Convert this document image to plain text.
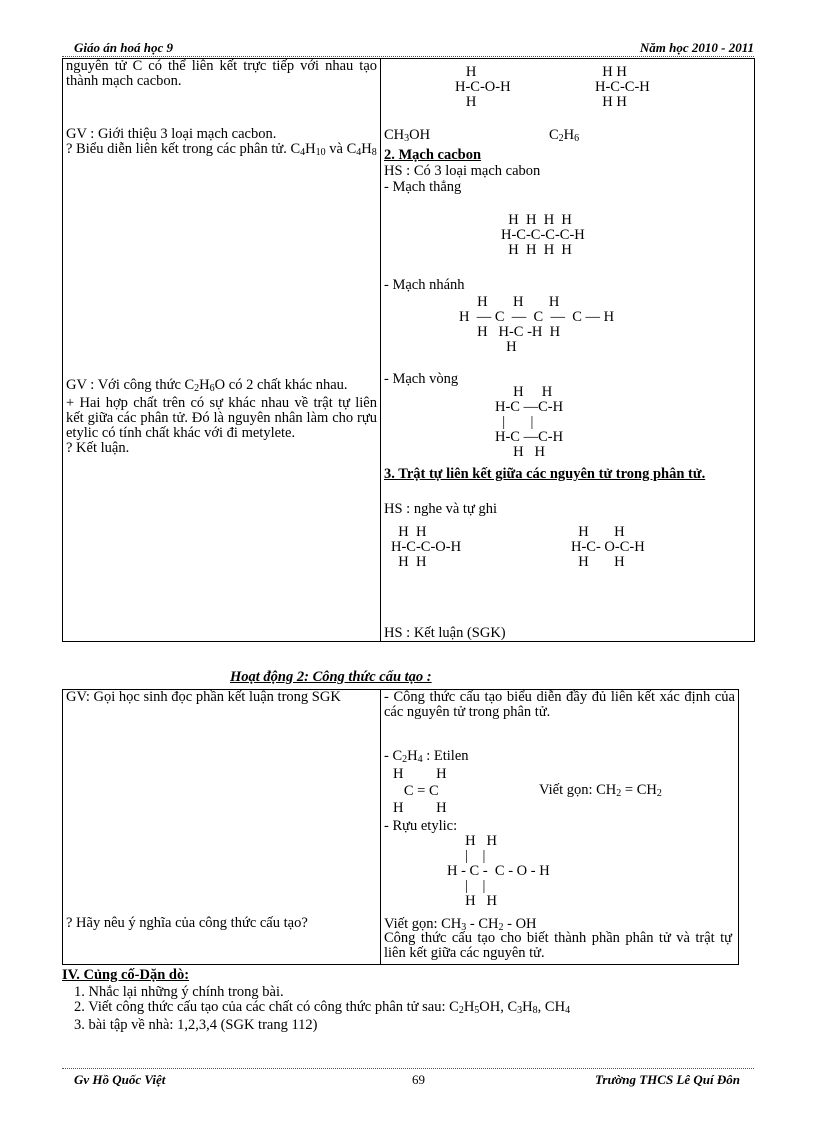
Giáo án hoá học 9	Năm học 2010 - 2011
nguyên tử C có thể liên kết trực tiếp với nhau tạo thành mạch cacbon.
GV : Giới thiệu 3 loại mạch cacbon.
? Biểu diễn liên kết trong các phân tử. $C_4H_{10}$ và $C_4H_8$
GV : Với công thức $C_2H_6O$ có 2 chất khác nhau.
+ Hai hợp chất trên có sự khác nhau về trật tự liên kết giữa các phân tử. Đó là nguyên nhân làm cho rựu etylic có tính chất khác với đi metylete.
? Kết luận.

H
H-C-O-H
H
H H
H-C-C-H
H H
$CH_3OH$	$C_2H_6$
2. Mạch cacbon
HS : Có 3 loại mạch cabon
- Mạch thẳng
H  H  H  H
H-C-C-C-C-H
H  H  H  H
- Mạch nhánh
H       H       H
H  — C  —  C  —  C — H
H   H-C -H  H
H
- Mạch vòng
H     H
H-C —C-H
|       |
H-C —C-H
H   H
3. Trật tự liên kết giữa các nguyên tử trong phân tử.
HS : nghe và tự ghi
H  H
H-C-C-O-H
H  H
H       H
H-C- O-C-H
H       H
HS : Kết luận (SGK)
Hoạt động 2: Công thức cấu tạo :
GV: Gọi học sinh đọc phần kết luận trong SGK
? Hãy nêu ý nghĩa của công thức cấu tạo?

- Công thức cấu tạo biểu diễn đầy đủ liên kết xác định của các nguyên tử trong phân tử.
- $C_2H_4$ : Etilen
H         H
C = C
H         H
Viết gọn: $CH_2 = CH_2$
- Rựu etylic:
H   H
|    |
H - C -  C - O - H
|    |
H   H
Viết gọn: $CH_3 - CH_2$ - OH
Công thức cấu tạo cho biết thành phần phân tử và trật tự liên kết giữa các nguyên tử.
IV. Củng cố-Dặn dò:
1. Nhắc lại những ý chính trong bài.
2. Viết công thức cấu tạo của các chất có công thức phân tử sau: $C_2H_5OH$, $C_3H_8$, $CH_4$
3. bài tập về nhà: 1,2,3,4 (SGK trang 112)
Gv Hồ Quốc Việt	69	Trường THCS Lê Quí Đôn
